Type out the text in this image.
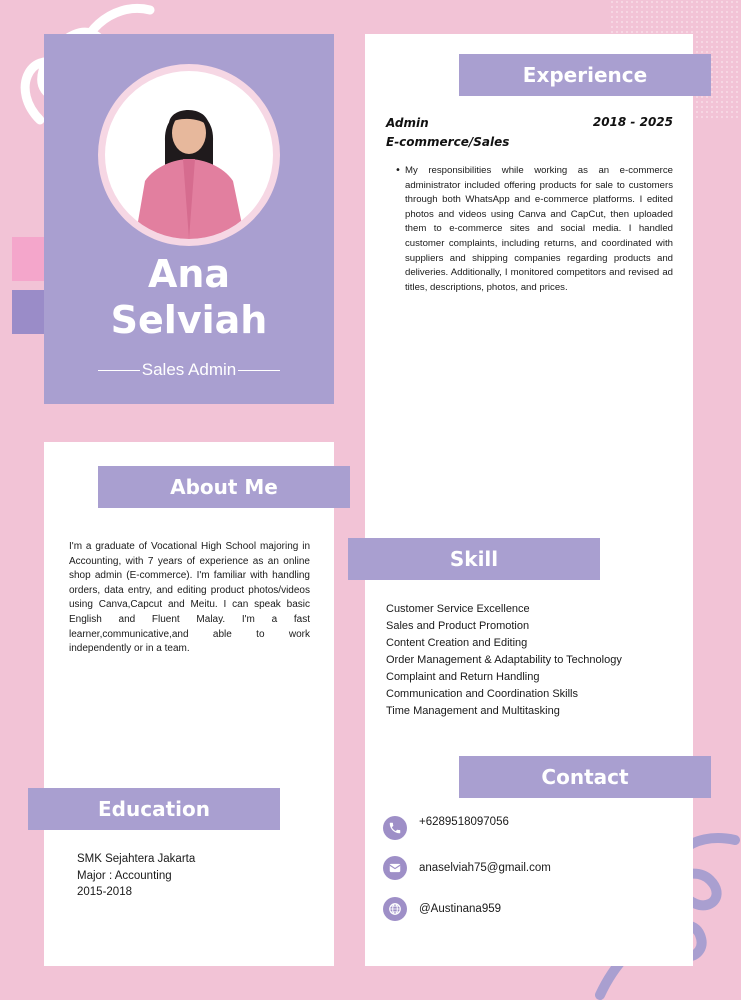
Ana
Selviah
Sales Admin
Experience
Admin
E-commerce/Sales
2018 - 2025
• My responsibilities while working as an e-commerce administrator included offering products for sale to customers through both WhatsApp and e-commerce platforms. I edited photos and videos using Canva and CapCut, then uploaded them to e-commerce sites and social media. I handled customer complaints, including returns, and coordinated with suppliers and shipping companies regarding products and deliveries. Additionally, I monitored competitors and revised ad titles, descriptions, photos, and prices.
About Me
I'm a graduate of Vocational High School majoring in Accounting, with 7 years of experience as an online shop admin (E-commerce). I'm familiar with handling orders, data entry, and editing product photos/videos using Canva,Capcut and Meitu. I can speak basic English and Fluent Malay. I'm a fast learner,communicative,and able to work independently or in a team.
Skill
Customer Service Excellence
Sales and Product Promotion
Content Creation and Editing
Order Management & Adaptability to Technology
Complaint and Return Handling
Communication and Coordination Skills
Time Management and Multitasking
Education
SMK Sejahtera Jakarta
Major : Accounting
2015-2018
Contact
+6289518097056
anaselviah75@gmail.com
@Austinana959
